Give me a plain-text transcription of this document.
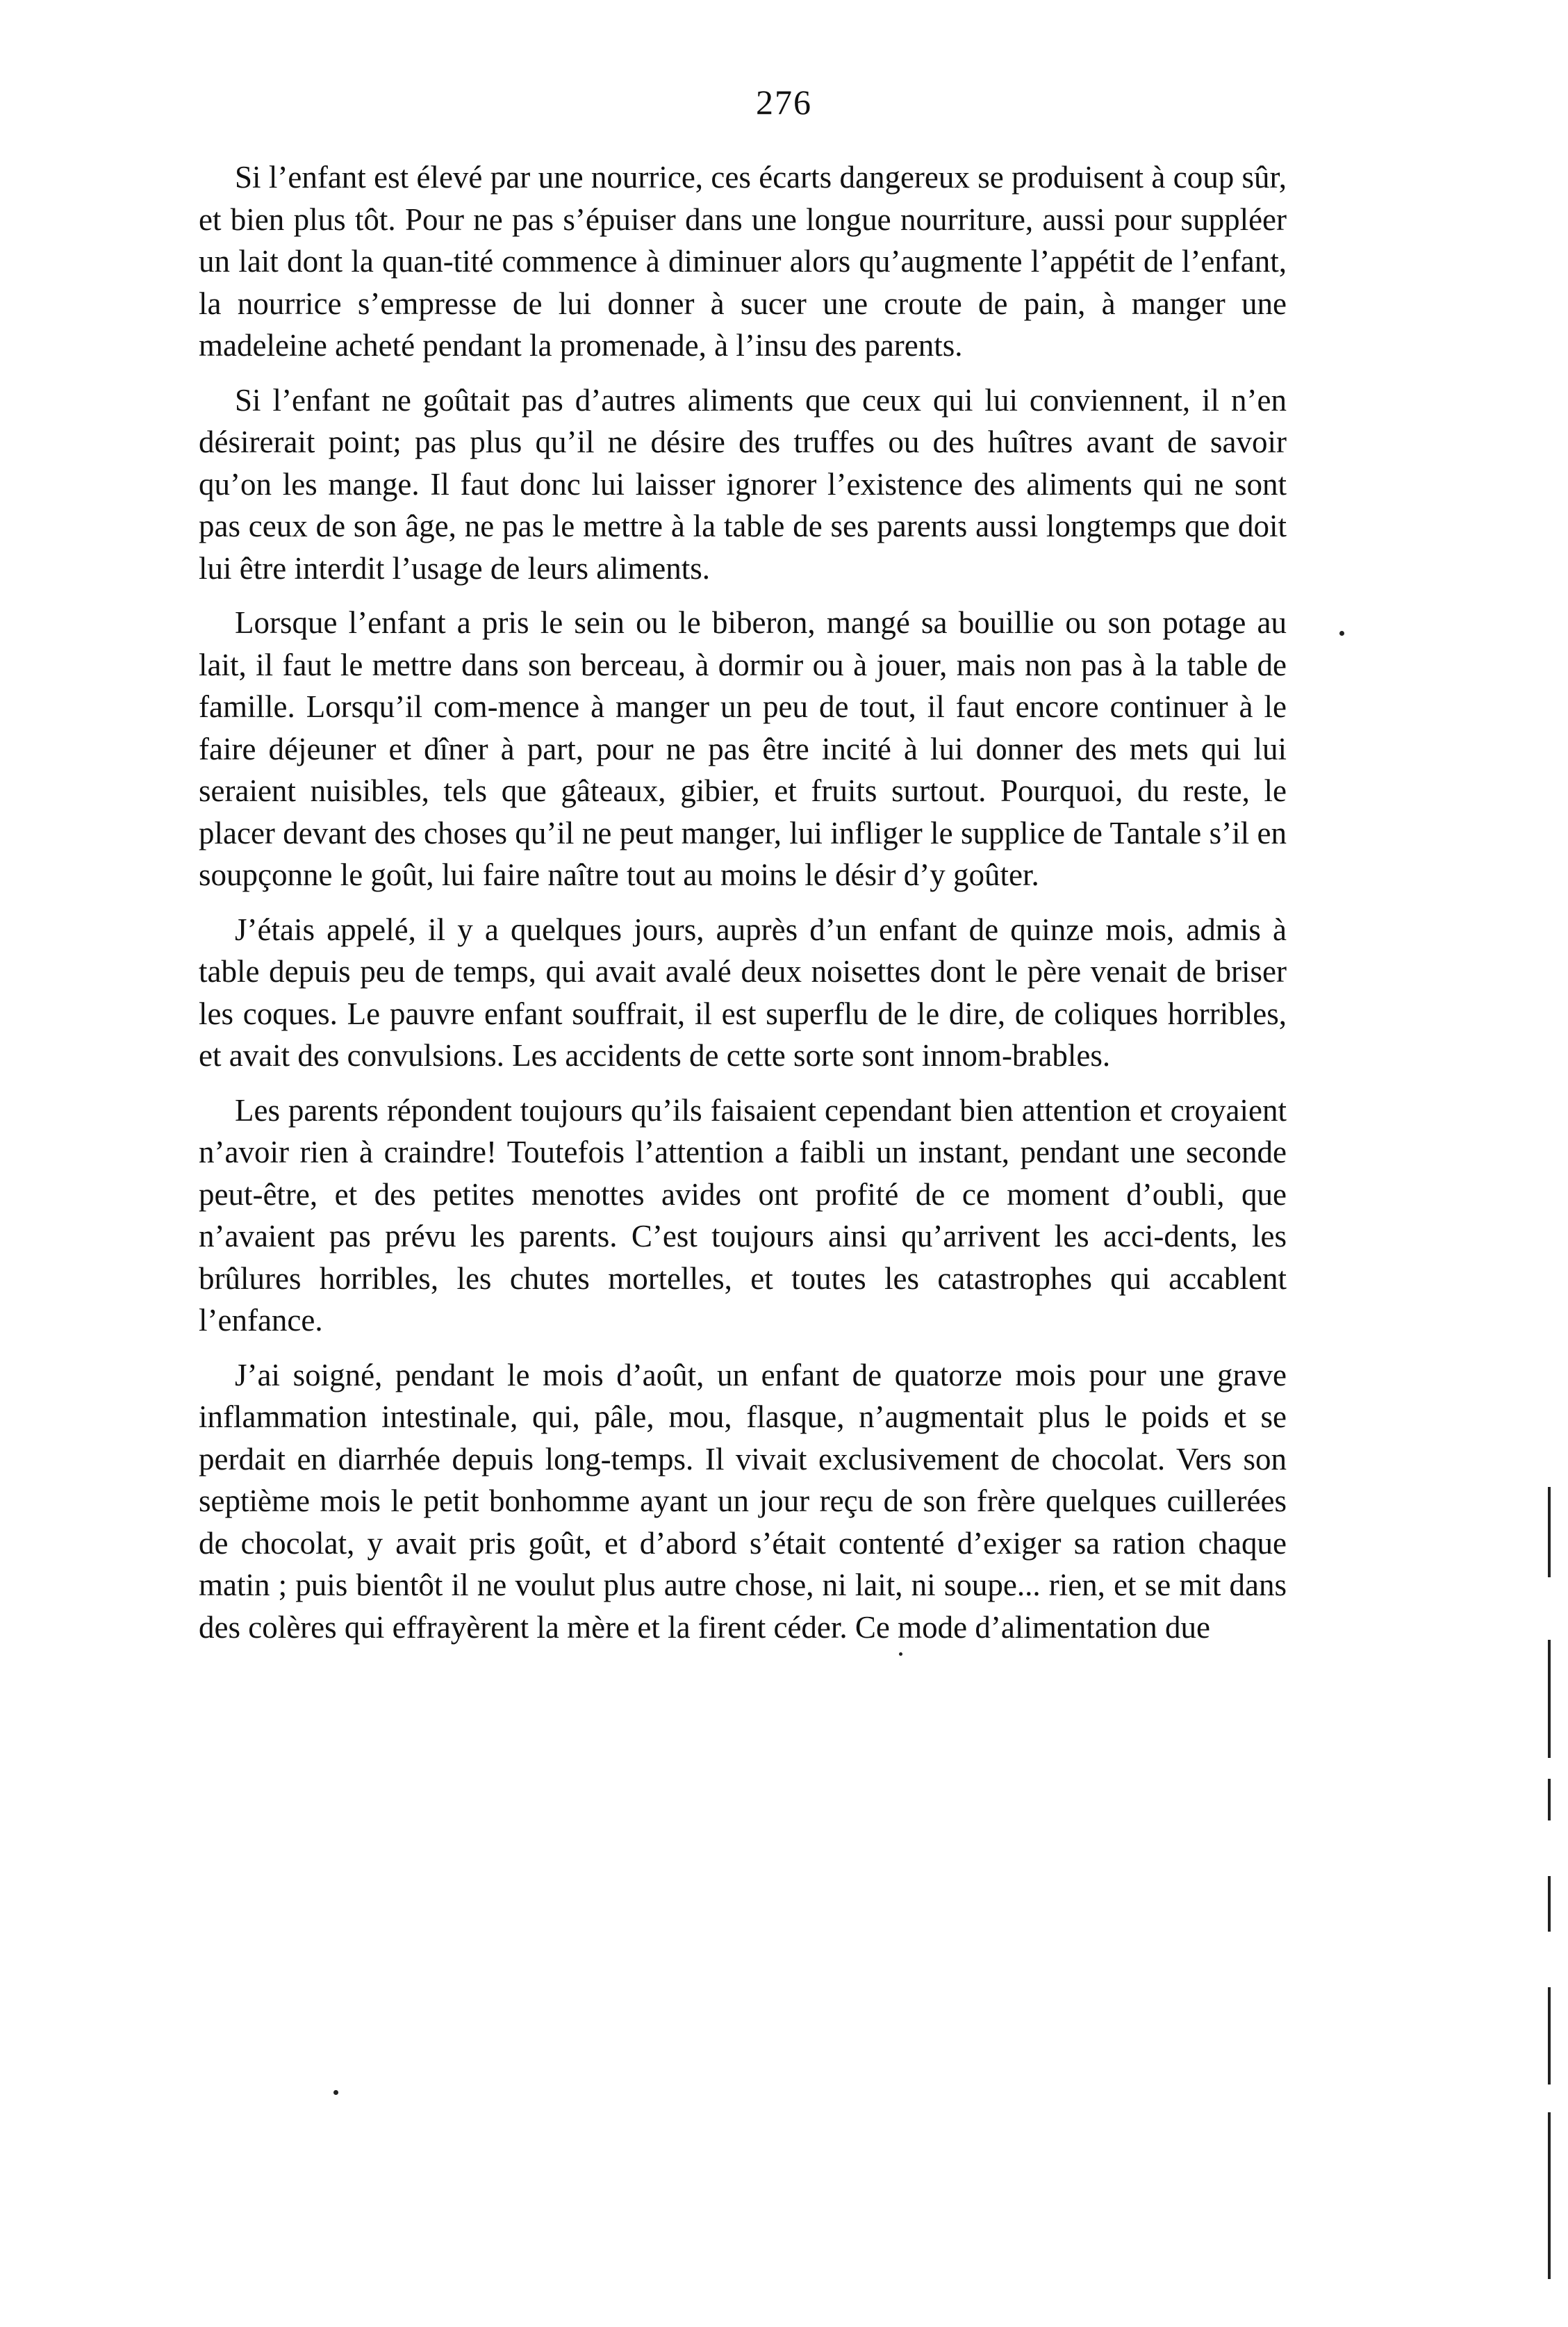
276

Si l’enfant est élevé par une nourrice, ces écarts dangereux se produisent à coup sûr, et bien plus tôt. Pour ne pas s’épuiser dans une longue nourriture, aussi pour suppléer un lait dont la quan-tité commence à diminuer alors qu’augmente l’appétit de l’enfant, la nourrice s’empresse de lui donner à sucer une croute de pain, à manger une madeleine acheté pendant la promenade, à l’insu des parents.

Si l’enfant ne goûtait pas d’autres aliments que ceux qui lui conviennent, il n’en désirerait point; pas plus qu’il ne désire des truffes ou des huîtres avant de savoir qu’on les mange. Il faut donc lui laisser ignorer l’existence des aliments qui ne sont pas ceux de son âge, ne pas le mettre à la table de ses parents aussi longtemps que doit lui être interdit l’usage de leurs aliments.

Lorsque l’enfant a pris le sein ou le biberon, mangé sa bouillie ou son potage au lait, il faut le mettre dans son berceau, à dormir ou à jouer, mais non pas à la table de famille. Lorsqu’il com-mence à manger un peu de tout, il faut encore continuer à le faire déjeuner et dîner à part, pour ne pas être incité à lui donner des mets qui lui seraient nuisibles, tels que gâteaux, gibier, et fruits surtout. Pourquoi, du reste, le placer devant des choses qu’il ne peut manger, lui infliger le supplice de Tantale s’il en soupçonne le goût, lui faire naître tout au moins le désir d’y goûter.

J’étais appelé, il y a quelques jours, auprès d’un enfant de quinze mois, admis à table depuis peu de temps, qui avait avalé deux noisettes dont le père venait de briser les coques. Le pauvre enfant souffrait, il est superflu de le dire, de coliques horribles, et avait des convulsions. Les accidents de cette sorte sont innom-brables.

Les parents répondent toujours qu’ils faisaient cependant bien attention et croyaient n’avoir rien à craindre! Toutefois l’attention a faibli un instant, pendant une seconde peut-être, et des petites menottes avides ont profité de ce moment d’oubli, que n’avaient pas prévu les parents. C’est toujours ainsi qu’arrivent les acci-dents, les brûlures horribles, les chutes mortelles, et toutes les catastrophes qui accablent l’enfance.

J’ai soigné, pendant le mois d’août, un enfant de quatorze mois pour une grave inflammation intestinale, qui, pâle, mou, flasque, n’augmentait plus le poids et se perdait en diarrhée depuis long-temps. Il vivait exclusivement de chocolat. Vers son septième mois le petit bonhomme ayant un jour reçu de son frère quelques cuillerées de chocolat, y avait pris goût, et d’abord s’était contenté d’exiger sa ration chaque matin ; puis bientôt il ne voulut plus autre chose, ni lait, ni soupe... rien, et se mit dans des colères qui effrayèrent la mère et la firent céder. Ce mode d’alimentation due
